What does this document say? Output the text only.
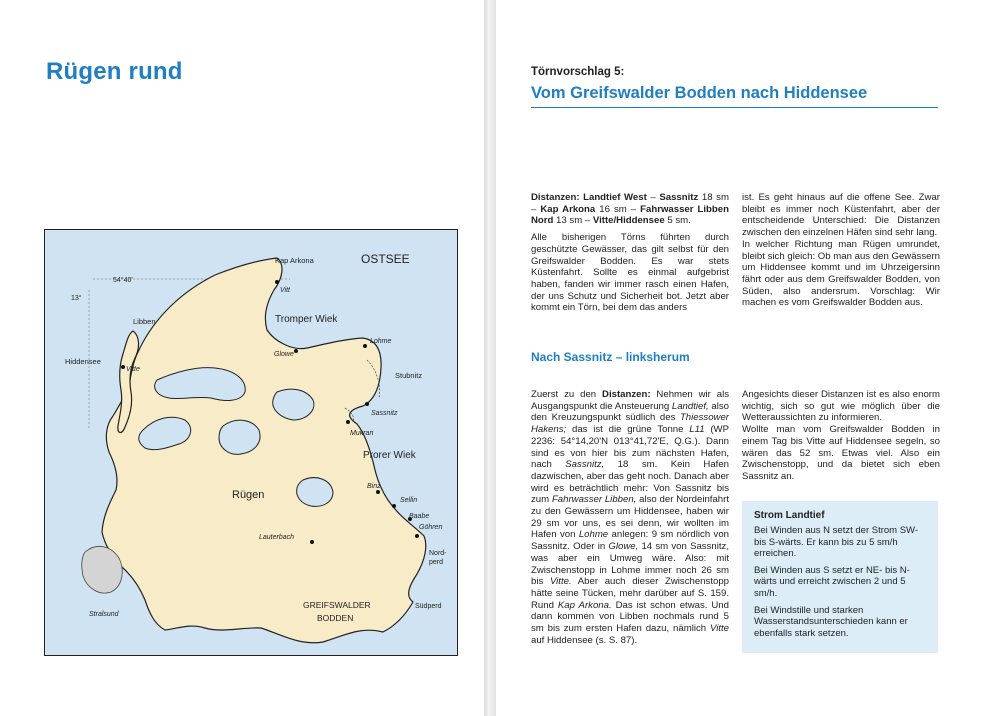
Rügen rund
Kap Arkona	OSTSEE
54°40'
13°
Vitt
Libben	Tromper Wiek
Hiddensee
Vitte
Glowe
Lohme
Stubnitz
Sassnitz
Mukran
Prorer Wiek
Rügen
Binz
Sellin
Baabe
Göhren
Nord-
perd
Lauterbach
Stralsund
GREIFSWALDER
BODDEN
Südperd
Törnvorschlag 5:
Vom Greifswalder Bodden nach Hiddensee

Distanzen: Landtief West – Sassnitz 18 sm – Kap Arkona 16 sm – Fahrwasser Libben Nord 13 sm – Vitte/Hiddensee 5 sm.

Alle bisherigen Törns führten durch geschützte Gewässer, das gilt selbst für den Greifswalder Bodden. Es war stets Küstenfahrt. Sollte es einmal aufgebrist haben, fanden wir immer rasch einen Hafen, der uns Schutz und Sicherheit bot. Jetzt aber kommt ein Törn, bei dem das anders

ist. Es geht hinaus auf die offene See. Zwar bleibt es immer noch Küstenfahrt, aber der entscheidende Unterschied: Die Distanzen zwischen den einzelnen Häfen sind sehr lang.

In welcher Richtung man Rügen umrundet, bleibt sich gleich: Ob man aus den Gewässern um Hiddensee kommt und im Uhrzeigersinn fährt oder aus dem Greifswalder Bodden, von Süden, also andersrum. Vorschlag: Wir machen es vom Greifswalder Bodden aus.

Nach Sassnitz – linksherum

Zuerst zu den Distanzen: Nehmen wir als Ausgangspunkt die Ansteuerung Landtief, also den Kreuzungspunkt südlich des Thiessower Hakens; das ist die grüne Tonne L11 (WP 2236: 54°14,20'N 013°41,72'E, Q.G.). Dann sind es von hier bis zum nächsten Hafen, nach Sassnitz, 18 sm. Kein Hafen dazwischen, aber das geht noch. Danach aber wird es beträchtlich mehr: Von Sassnitz bis zum Fahrwasser Libben, also der Nordeinfahrt zu den Gewässern um Hiddensee, haben wir 29 sm vor uns, es sei denn, wir wollten im Hafen von Lohme anlegen: 9 sm nördlich von Sassnitz. Oder in Glowe, 14 sm von Sassnitz, was aber ein Umweg wäre. Also: mit Zwischenstopp in Lohme immer noch 26 sm bis Vitte. Aber auch dieser Zwischenstopp hätte seine Tücken, mehr darüber auf S. 159. Rund Kap Arkona. Das ist schon etwas. Und dann kommen von Libben nochmals rund 5 sm bis zum ersten Hafen dazu, nämlich Vitte auf Hiddensee (s. S. 87).

Angesichts dieser Distanzen ist es also enorm wichtig, sich so gut wie möglich über die Wetteraussichten zu informieren.

Wollte man vom Greifswalder Bodden in einem Tag bis Vitte auf Hiddensee segeln, so wären das 52 sm. Etwas viel. Also ein Zwischenstopp, und da bietet sich eben Sassnitz an.

Strom Landtief

Bei Winden aus N setzt der Strom SW-bis S-wärts. Er kann bis zu 5 sm/h erreichen.

Bei Winden aus S setzt er NE- bis N-wärts und erreicht zwischen 2 und 5 sm/h.

Bei Windstille und starken Wasserstandsunterschieden kann er ebenfalls stark setzen.
